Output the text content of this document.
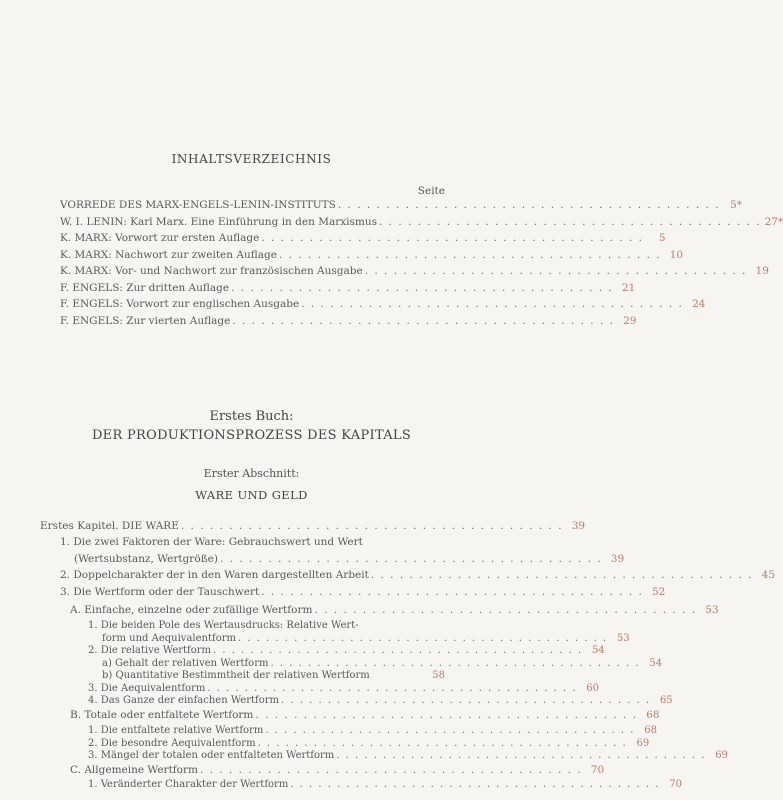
INHALTSVERZEICHNIS
Seite
VORREDE DES MARX-ENGELS-LENIN-INSTITUTS . . .	5*
W. I. LENIN: Karl Marx. Eine Einführung in den Marxismus . . .	27*
K. MARX: Vorwort zur ersten Auflage . . .	5
K. MARX: Nachwort zur zweiten Auflage . . .	10
K. MARX: Vor- und Nachwort zur französischen Ausgabe . . .	19
F. ENGELS: Zur dritten Auflage . . .	21
F. ENGELS: Vorwort zur englischen Ausgabe . . .	24
F. ENGELS: Zur vierten Auflage . . .	29
Erstes Buch:
DER PRODUKTIONSPROZESS DES KAPITALS
Erster Abschnitt:
WARE UND GELD
Erstes Kapitel. DIE WARE . . .	39
1. Die zwei Faktoren der Ware: Gebrauchswert und Wert
(Wertsubstanz, Wertgröße) . . .	39
2. Doppelcharakter der in den Waren dargestellten Arbeit . . .	45
3. Die Wertform oder der Tauschwert . . .	52
A. Einfache, einzelne oder zufällige Wertform . . .	53
1. Die beiden Pole des Wertausdrucks: Relative Wert-
form und Aequivalentform . . .	53
2. Die relative Wertform . . .	54
a) Gehalt der relativen Wertform . . .	54
b) Quantitative Bestimmtheit der relativen Wertform	58
3. Die Aequivalentform . . .	60
4. Das Ganze der einfachen Wertform . . .	65
B. Totale oder entfaltete Wertform . . .	68
1. Die entfaltete relative Wertform . . .	68
2. Die besondre Aequivalentform . . .	69
3. Mängel der totalen oder entfalteten Wertform . . .	69
C. Allgemeine Wertform . . .	70
1. Veränderter Charakter der Wertform . . .	70
